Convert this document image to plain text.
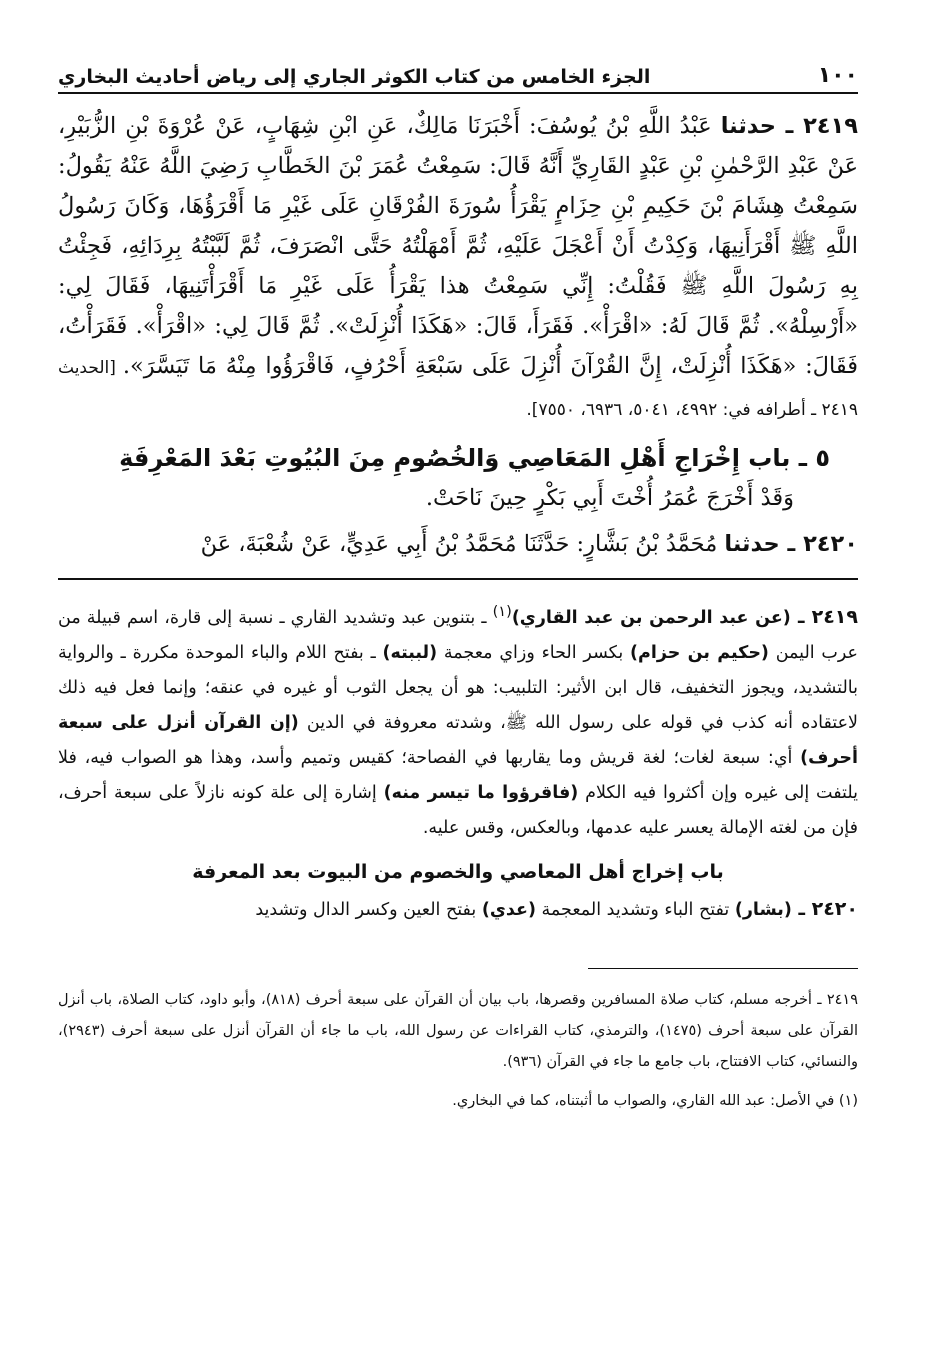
١٠٠
الجزء الخامس من كتاب الكوثر الجاري إلى رياض أحاديث البخاري

٢٤١٩ ـ حدثنا عَبْدُ اللَّهِ بْنُ يُوسُفَ: أَخْبَرَنَا مَالِكٌ، عَنِ ابْنِ شِهَابٍ، عَنْ عُرْوَةَ بْنِ الزُّبَيْرِ، عَنْ عَبْدِ الرَّحْمٰنِ بْنِ عَبْدٍ القَارِيِّ أَنَّهُ قَالَ: سَمِعْتُ عُمَرَ بْنَ الخَطَّابِ رَضِيَ اللَّهُ عَنْهُ يَقُولُ: سَمِعْتُ هِشَامَ بْنَ حَكِيمِ بْنِ حِزَامٍ يَقْرَأُ سُورَةَ الفُرْقَانِ عَلَى غَيْرِ مَا أَقْرَؤُهَا، وَكَانَ رَسُولُ اللَّهِ ﷺ أَقْرَأَنِيهَا، وَكِدْتُ أَنْ أَعْجَلَ عَلَيْهِ، ثُمَّ أَمْهَلْتُهُ حَتَّى انْصَرَفَ، ثُمَّ لَبَّبْتُهُ بِرِدَائِهِ، فَجِئْتُ بِهِ رَسُولَ اللَّهِ ﷺ فَقُلْتُ: إِنِّي سَمِعْتُ هذا يَقْرَأُ عَلَى غَيْرِ مَا أَقْرَأْتَنِيهَا، فَقَالَ لِي: «أَرْسِلْهُ». ثُمَّ قَالَ لَهُ: «اقْرَأْ». فَقَرَأَ، قَالَ: «هَكَذَا أُنْزِلَتْ». ثُمَّ قَالَ لِي: «اقْرَأْ». فَقَرَأْتُ، فَقَالَ: «هَكَذَا أُنْزِلَتْ، إِنَّ القُرْآنَ أُنْزِلَ عَلَى سَبْعَةِ أَحْرُفٍ، فَاقْرَؤُوا مِنْهُ مَا تَيَسَّرَ». [الحديث ٢٤١٩ ـ أطرافه في: ٤٩٩٢، ٥٠٤١، ٦٩٣٦، ٧٥٥٠].

٥ ـ باب إِخْرَاجِ أَهْلِ المَعَاصِي وَالخُصُومِ مِنَ البُيُوتِ بَعْدَ المَعْرِفَةِ
وَقَدْ أَخْرَجَ عُمَرُ أُخْتَ أَبِي بَكْرٍ حِينَ نَاحَتْ.
٢٤٢٠ ـ حدثنا مُحَمَّدُ بْنُ بَشَّارٍ: حَدَّثَنَا مُحَمَّدُ بْنُ أَبِي عَدِيٍّ، عَنْ شُعْبَةَ، عَنْ

٢٤١٩ ـ (عن عبد الرحمن بن عبد القاري)$^{(١)}$ ـ بتنوين عبد وتشديد القاري ـ نسبة إلى قارة، اسم قبيلة من عرب اليمن (حكيم بن حزام) بكسر الحاء وزاي معجمة (لببته) ـ بفتح اللام والباء الموحدة مكررة ـ والرواية بالتشديد، ويجوز التخفيف، قال ابن الأثير: التلبيب: هو أن يجعل الثوب أو غيره في عنقه؛ وإنما فعل فيه ذلك لاعتقاده أنه كذب في قوله على رسول الله ﷺ، وشدته معروفة في الدين (إن القرآن أنزل على سبعة أحرف) أي: سبعة لغات؛ لغة قريش وما يقاربها في الفصاحة؛ كقيس وتميم وأسد، وهذا هو الصواب فيه، فلا يلتفت إلى غيره وإن أكثروا فيه الكلام (فاقرؤوا ما تيسر منه) إشارة إلى علة كونه نازلاً على سبعة أحرف، فإن من لغته الإمالة يعسر عليه عدمها، وبالعكس، وقس عليه.

باب إخراج أهل المعاصي والخصوم من البيوت بعد المعرفة

٢٤٢٠ ـ (بشار) تفتح الباء وتشديد المعجمة (عدي) بفتح العين وكسر الدال وتشديد

٢٤١٩ ـ أخرجه مسلم، كتاب صلاة المسافرين وقصرها، باب بيان أن القرآن على سبعة أحرف (٨١٨)، وأبو داود، كتاب الصلاة، باب أنزل القرآن على سبعة أحرف (١٤٧٥)، والترمذي، كتاب القراءات عن رسول الله، باب ما جاء أن القرآن أنزل على سبعة أحرف (٢٩٤٣)، والنسائي، كتاب الافتتاح، باب جامع ما جاء في القرآن (٩٣٦).

(١) في الأصل: عبد الله القاري، والصواب ما أثبتناه، كما في البخاري.
